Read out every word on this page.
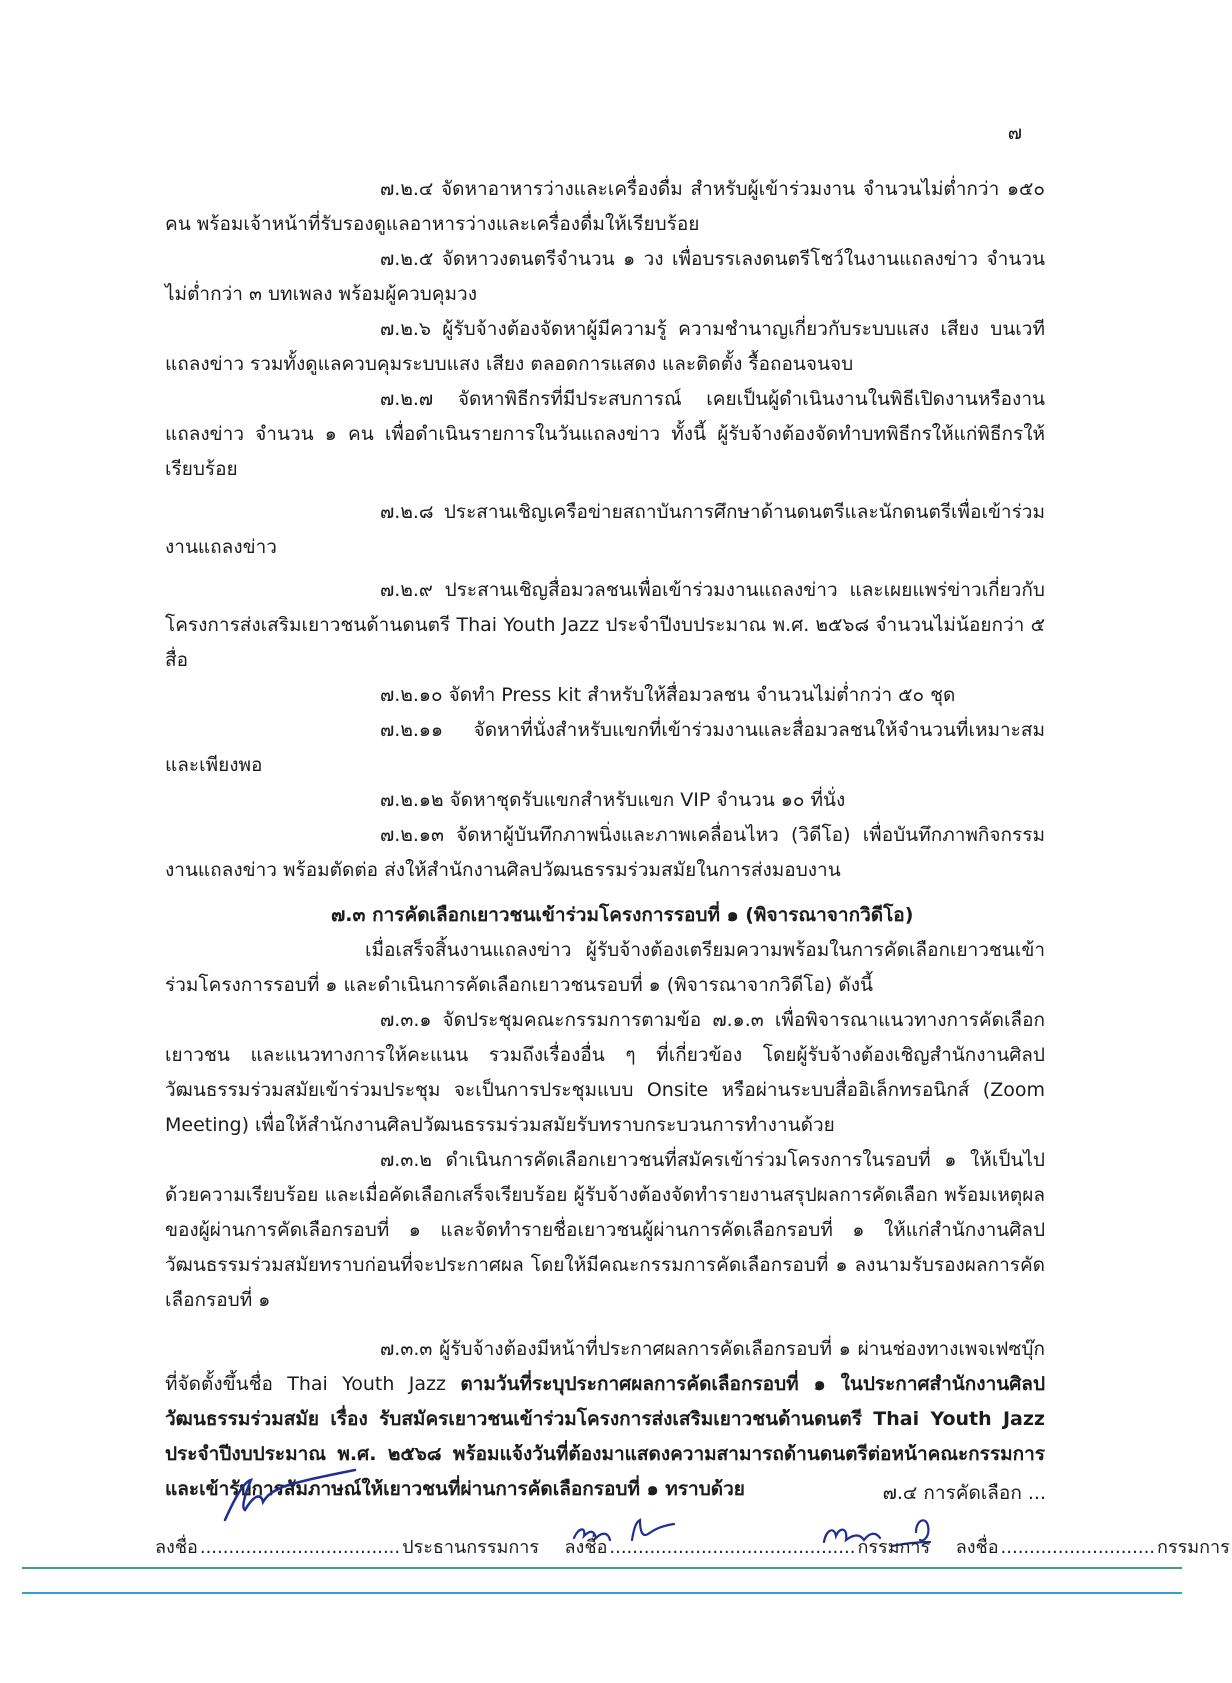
๗

๗.๒.๔ จัดหาอาหารว่างและเครื่องดื่ม สำหรับผู้เข้าร่วมงาน จำนวนไม่ต่ำกว่า ๑๕๐ คน พร้อมเจ้าหน้าที่รับรองดูแลอาหารว่างและเครื่องดื่มให้เรียบร้อย

๗.๒.๕ จัดหาวงดนตรีจำนวน ๑ วง เพื่อบรรเลงดนตรีโชว์ในงานแถลงข่าว จำนวนไม่ต่ำกว่า ๓ บทเพลง พร้อมผู้ควบคุมวง

๗.๒.๖ ผู้รับจ้างต้องจัดหาผู้มีความรู้ ความชำนาญเกี่ยวกับระบบแสง เสียง บนเวทีแถลงข่าว รวมทั้งดูแลควบคุมระบบแสง เสียง ตลอดการแสดง และติดตั้ง รื้อถอนจนจบ

๗.๒.๗ จัดหาพิธีกรที่มีประสบการณ์ เคยเป็นผู้ดำเนินงานในพิธีเปิดงานหรืองานแถลงข่าว จำนวน ๑ คน เพื่อดำเนินรายการในวันแถลงข่าว ทั้งนี้ ผู้รับจ้างต้องจัดทำบทพิธีกรให้แก่พิธีกรให้เรียบร้อย

๗.๒.๘ ประสานเชิญเครือข่ายสถาบันการศึกษาด้านดนตรีและนักดนตรีเพื่อเข้าร่วมงานแถลงข่าว

๗.๒.๙ ประสานเชิญสื่อมวลชนเพื่อเข้าร่วมงานแถลงข่าว และเผยแพร่ข่าวเกี่ยวกับโครงการส่งเสริมเยาวชนด้านดนตรี Thai Youth Jazz ประจำปีงบประมาณ พ.ศ. ๒๕๖๘ จำนวนไม่น้อยกว่า ๕ สื่อ

๗.๒.๑๐ จัดทำ Press kit สำหรับให้สื่อมวลชน จำนวนไม่ต่ำกว่า ๕๐ ชุด

๗.๒.๑๑ จัดหาที่นั่งสำหรับแขกที่เข้าร่วมงานและสื่อมวลชนให้จำนวนที่เหมาะสมและเพียงพอ

๗.๒.๑๒ จัดหาชุดรับแขกสำหรับแขก VIP จำนวน ๑๐ ที่นั่ง

๗.๒.๑๓ จัดหาผู้บันทึกภาพนิ่งและภาพเคลื่อนไหว (วิดีโอ) เพื่อบันทึกภาพกิจกรรมงานแถลงข่าว พร้อมตัดต่อ ส่งให้สำนักงานศิลปวัฒนธรรมร่วมสมัยในการส่งมอบงาน

๗.๓ การคัดเลือกเยาวชนเข้าร่วมโครงการรอบที่ ๑ (พิจารณาจากวิดีโอ)

เมื่อเสร็จสิ้นงานแถลงข่าว ผู้รับจ้างต้องเตรียมความพร้อมในการคัดเลือกเยาวชนเข้าร่วมโครงการรอบที่ ๑ และดำเนินการคัดเลือกเยาวชนรอบที่ ๑ (พิจารณาจากวิดีโอ) ดังนี้

๗.๓.๑ จัดประชุมคณะกรรมการตามข้อ ๗.๑.๓ เพื่อพิจารณาแนวทางการคัดเลือกเยาวชน และแนวทางการให้คะแนน รวมถึงเรื่องอื่น ๆ ที่เกี่ยวข้อง โดยผู้รับจ้างต้องเชิญสำนักงานศิลปวัฒนธรรมร่วมสมัยเข้าร่วมประชุม จะเป็นการประชุมแบบ Onsite หรือผ่านระบบสื่ออิเล็กทรอนิกส์ (Zoom Meeting) เพื่อให้สำนักงานศิลปวัฒนธรรมร่วมสมัยรับทราบกระบวนการทำงานด้วย

๗.๓.๒ ดำเนินการคัดเลือกเยาวชนที่สมัครเข้าร่วมโครงการในรอบที่ ๑ ให้เป็นไปด้วยความเรียบร้อย และเมื่อคัดเลือกเสร็จเรียบร้อย ผู้รับจ้างต้องจัดทำรายงานสรุปผลการคัดเลือก พร้อมเหตุผลของผู้ผ่านการคัดเลือกรอบที่ ๑ และจัดทำรายชื่อเยาวชนผู้ผ่านการคัดเลือกรอบที่ ๑ ให้แก่สำนักงานศิลปวัฒนธรรมร่วมสมัยทราบก่อนที่จะประกาศผล โดยให้มีคณะกรรมการคัดเลือกรอบที่ ๑ ลงนามรับรองผลการคัดเลือกรอบที่ ๑

๗.๓.๓ ผู้รับจ้างต้องมีหน้าที่ประกาศผลการคัดเลือกรอบที่ ๑ ผ่านช่องทางเพจเฟซบุ๊ก ที่จัดตั้งขึ้นชื่อ Thai Youth Jazz ตามวันที่ระบุประกาศผลการคัดเลือกรอบที่ ๑ ในประกาศสำนักงานศิลปวัฒนธรรมร่วมสมัย เรื่อง รับสมัครเยาวชนเข้าร่วมโครงการส่งเสริมเยาวชนด้านดนตรี Thai Youth Jazz ประจำปีงบประมาณ พ.ศ. ๒๕๖๘ พร้อมแจ้งวันที่ต้องมาแสดงความสามารถด้านดนตรีต่อหน้าคณะกรรมการและเข้ารับการสัมภาษณ์ให้เยาวชนที่ผ่านการคัดเลือกรอบที่ ๑ ทราบด้วย	๗.๔ การคัดเลือก ...
ลงชื่อ ................................... ประธานกรรมการ ลงชื่อ ........................................... กรรมการ ลงชื่อ ........................... กรรมการ
